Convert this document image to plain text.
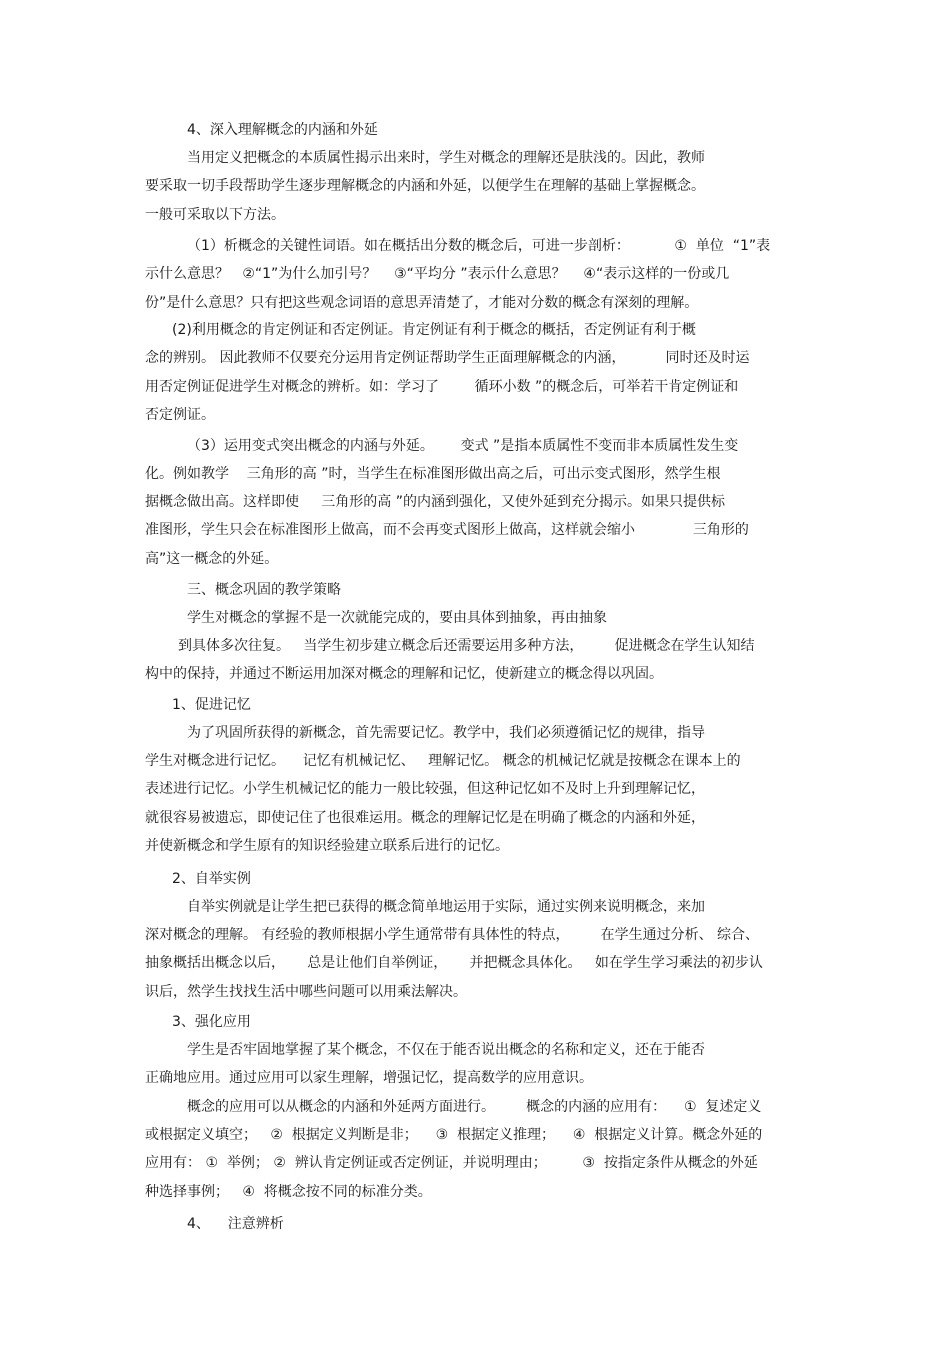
4、深入理解概念的内涵和外延
当用定义把概念的本质属性揭示出来时，学生对概念的理解还是肤浅的。因此，教师
要采取一切手段帮助学生逐步理解概念的内涵和外延，以便学生在理解的基础上掌握概念。
一般可采取以下方法。
（1）析概念的关键性词语。如在概括出分数的概念后，可进一步剖析：          ①  单位  “1”表
示什么意思？   ②“1”为什么加引号？    ③“平均分 ”表示什么意思？    ④“表示这样的一份或几
份”是什么意思？只有把这些观念词语的意思弄清楚了，才能对分数的概念有深刻的理解。
(2)利用概念的肯定例证和否定例证。肯定例证有利于概念的概括，否定例证有利于概
念的辨别。 因此教师不仅要充分运用肯定例证帮助学生正面理解概念的内涵，         同时还及时运
用否定例证促进学生对概念的辨析。如：学习了        循环小数 ”的概念后，可举若干肯定例证和
否定例证。
（3）运用变式突出概念的内涵与外延。      变式 ”是指本质属性不变而非本质属性发生变
化。例如教学    三角形的高 ”时，当学生在标准图形做出高之后，可出示变式图形，然学生根
据概念做出高。这样即使     三角形的高 ”的内涵到强化，又使外延到充分揭示。如果只提供标
准图形，学生只会在标准图形上做高，而不会再变式图形上做高，这样就会缩小             三角形的
高”这一概念的外延。
三、概念巩固的教学策略
学生对概念的掌握不是一次就能完成的，要由具体到抽象，再由抽象
到具体多次往复。   当学生初步建立概念后还需要运用多种方法，       促进概念在学生认知结
构中的保持，并通过不断运用加深对概念的理解和记忆，使新建立的概念得以巩固。
1、促进记忆
为了巩固所获得的新概念，首先需要记忆。教学中，我们必须遵循记忆的规律，指导
学生对概念进行记忆。    记忆有机械记忆、   理解记忆。 概念的机械记忆就是按概念在课本上的
表述进行记忆。小学生机械记忆的能力一般比较强，但这种记忆如不及时上升到理解记忆，
就很容易被遗忘，即使记住了也很难运用。概念的理解记忆是在明确了概念的内涵和外延，
并使新概念和学生原有的知识经验建立联系后进行的记忆。
2、自举实例
自举实例就是让学生把已获得的概念简单地运用于实际，通过实例来说明概念，来加
深对概念的理解。 有经验的教师根据小学生通常带有具体性的特点，       在学生通过分析、 综合、
抽象概括出概念以后，     总是让他们自举例证，     并把概念具体化。   如在学生学习乘法的初步认
识后，然学生找找生活中哪些问题可以用乘法解决。
3、强化应用
学生是否牢固地掌握了某个概念，不仅在于能否说出概念的名称和定义，还在于能否
正确地应用。通过应用可以家生理解，增强记忆，提高数学的应用意识。
概念的应用可以从概念的内涵和外延两方面进行。       概念的内涵的应用有：    ①  复述定义
或根据定义填空；   ②  根据定义判断是非；    ③  根据定义推理；    ④  根据定义计算。概念外延的
应用有： ①  举例； ②  辨认肯定例证或否定例证，并说明理由；        ③  按指定条件从概念的外延
种选择事例；   ④  将概念按不同的标准分类。
4、    注意辨析
